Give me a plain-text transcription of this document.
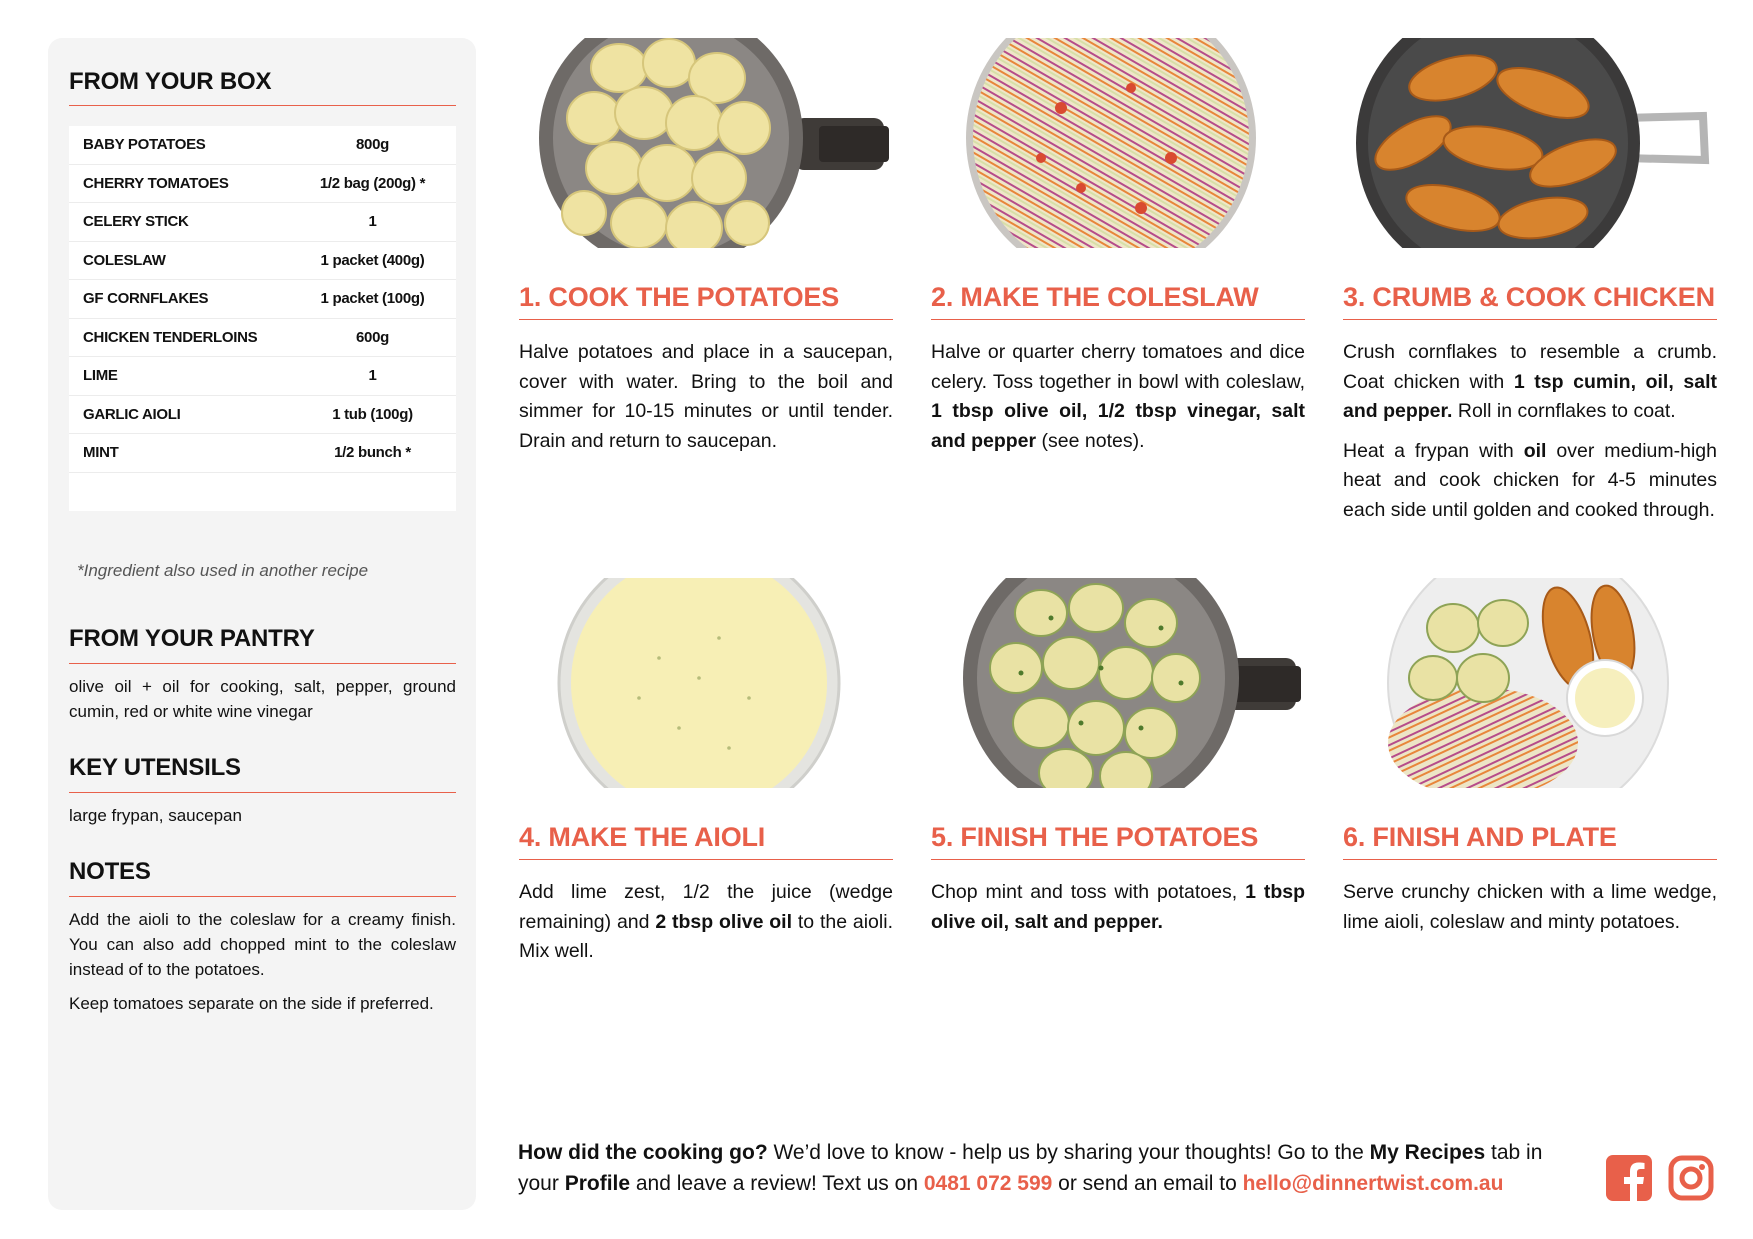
FROM YOUR BOX
BABY POTATOES	800g
CHERRY TOMATOES	1/2 bag (200g) *
CELERY STICK	1
COLESLAW	1 packet (400g)
GF CORNFLAKES	1 packet (100g)
CHICKEN TENDERLOINS	600g
LIME	1
GARLIC AIOLI	1 tub (100g)
MINT	1/2 bunch *
*Ingredient also used in another recipe
FROM YOUR PANTRY

olive oil + oil for cooking, salt, pepper, ground cumin, red or white wine vinegar

KEY UTENSILS

large frypan, saucepan

NOTES

Add the aioli to the coleslaw for a creamy finish. You can also add chopped mint to the coleslaw instead of to the potatoes.

Keep tomatoes separate on the side if preferred.

1. COOK THE POTATOES

Halve potatoes and place in a saucepan, cover with water. Bring to the boil and simmer for 10-15 minutes or until tender. Drain and return to saucepan.

2. MAKE THE COLESLAW

Halve or quarter cherry tomatoes and dice celery. Toss together in bowl with coleslaw, 1 tbsp olive oil, 1/2 tbsp vinegar, salt and pepper (see notes).

3. CRUMB & COOK CHICKEN

Crush cornflakes to resemble a crumb. Coat chicken with 1 tsp cumin, oil, salt and pepper. Roll in cornflakes to coat.

Heat a frypan with oil over medium-high heat and cook chicken for 4-5 minutes each side until golden and cooked through.

4. MAKE THE AIOLI

Add lime zest, 1/2 the juice (wedge remaining) and 2 tbsp olive oil to the aioli. Mix well.

5. FINISH THE POTATOES

Chop mint and toss with potatoes, 1 tbsp olive oil, salt and pepper.

6. FINISH AND PLATE

Serve crunchy chicken with a lime wedge, lime aioli, coleslaw and minty potatoes.

How did the cooking go? We’d love to know - help us by sharing your thoughts! Go to the My Recipes tab in your Profile and leave a review! Text us on 0481 072 599 or send an email to hello@dinnertwist.com.au
